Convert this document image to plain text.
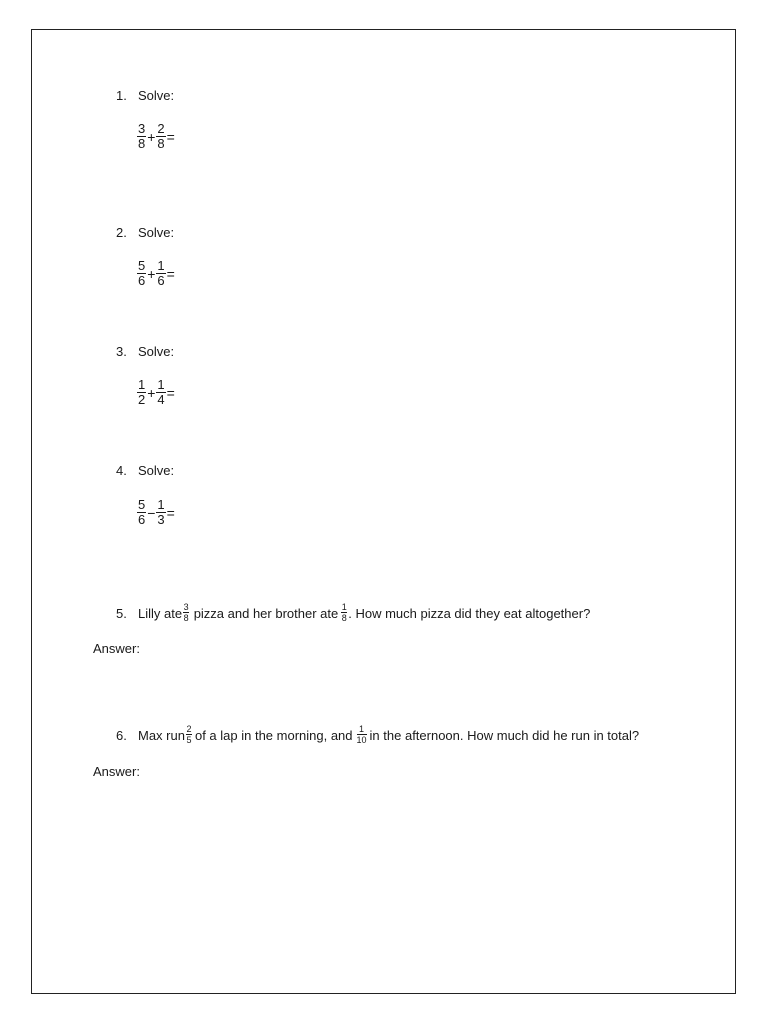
1. Solve:
$\frac{3}{8} + \frac{2}{8}$ =
2. Solve:
$\frac{5}{6} + \frac{1}{6}$ =
3. Solve:
$\frac{1}{2} + \frac{1}{4}$ =
4. Solve:
$\frac{5}{6} - \frac{1}{3}$ =
5. Lilly ate $\frac{3}{8}$ pizza and her brother ate $\frac{1}{8}$ . How much pizza did they eat altogether?
Answer:
6. Max run $\frac{2}{5}$ of a lap in the morning, and $\frac{1}{10}$ in the afternoon. How much did he run in total?
Answer:
